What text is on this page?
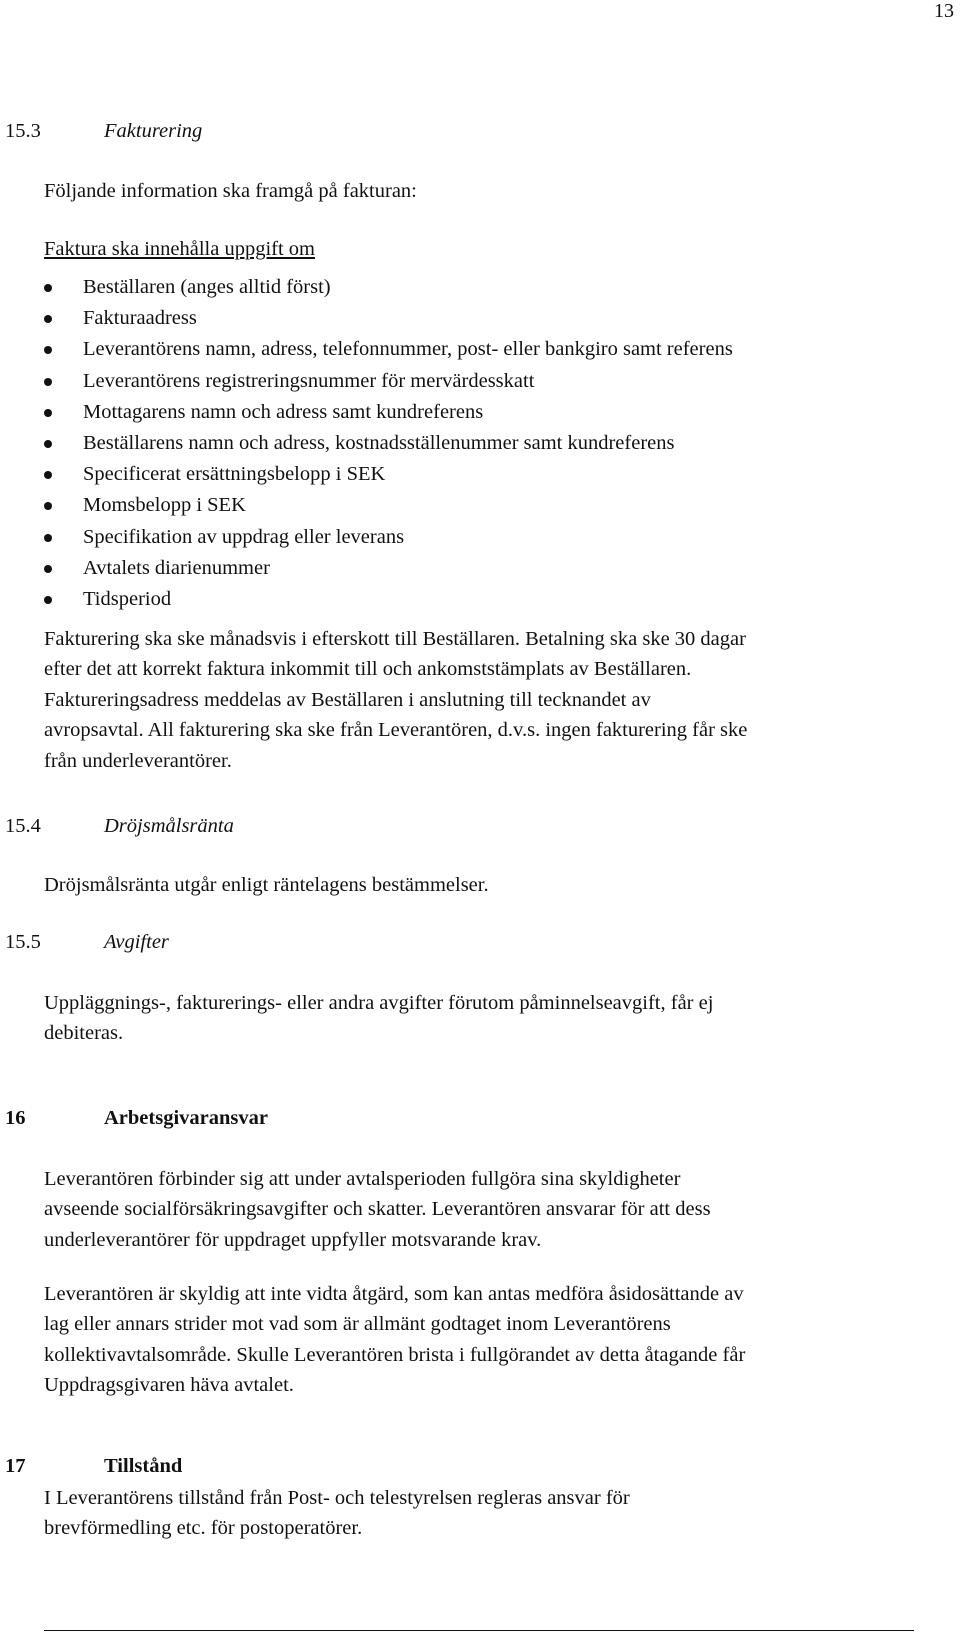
13
15.3	Fakturering
Följande information ska framgå på fakturan:
Faktura ska innehålla uppgift om
Beställaren (anges alltid först)
Fakturaadress
Leverantörens namn, adress, telefonnummer, post- eller bankgiro samt referens
Leverantörens registreringsnummer för mervärdesskatt
Mottagarens namn och adress samt kundreferens
Beställarens namn och adress, kostnadsställenummer samt kundreferens
Specificerat ersättningsbelopp i SEK
Momsbelopp i SEK
Specifikation av uppdrag eller leverans
Avtalets diarienummer
Tidsperiod
Fakturering ska ske månadsvis i efterskott till Beställaren. Betalning ska ske 30 dagar
efter det att korrekt faktura inkommit till och ankomststämplats av Beställaren.
Faktureringsadress meddelas av Beställaren i anslutning till tecknandet av
avropsavtal. All fakturering ska ske från Leverantören, d.v.s. ingen fakturering får ske
från underleverantörer.
15.4	Dröjsmålsränta
Dröjsmålsränta utgår enligt räntelagens bestämmelser.
15.5	Avgifter
Uppläggnings-, fakturerings- eller andra avgifter förutom påminnelseavgift, får ej
debiteras.
16	Arbetsgivaransvar
Leverantören förbinder sig att under avtalsperioden fullgöra sina skyldigheter
avseende socialförsäkringsavgifter och skatter. Leverantören ansvarar för att dess
underleverantörer för uppdraget uppfyller motsvarande krav.
Leverantören är skyldig att inte vidta åtgärd, som kan antas medföra åsidosättande av
lag eller annars strider mot vad som är allmänt godtaget inom Leverantörens
kollektivavtalsområde. Skulle Leverantören brista i fullgörandet av detta åtagande får
Uppdragsgivaren häva avtalet.
17	Tillstånd
I Leverantörens tillstånd från Post- och telestyrelsen regleras ansvar för
brevförmedling etc. för postoperatörer.
